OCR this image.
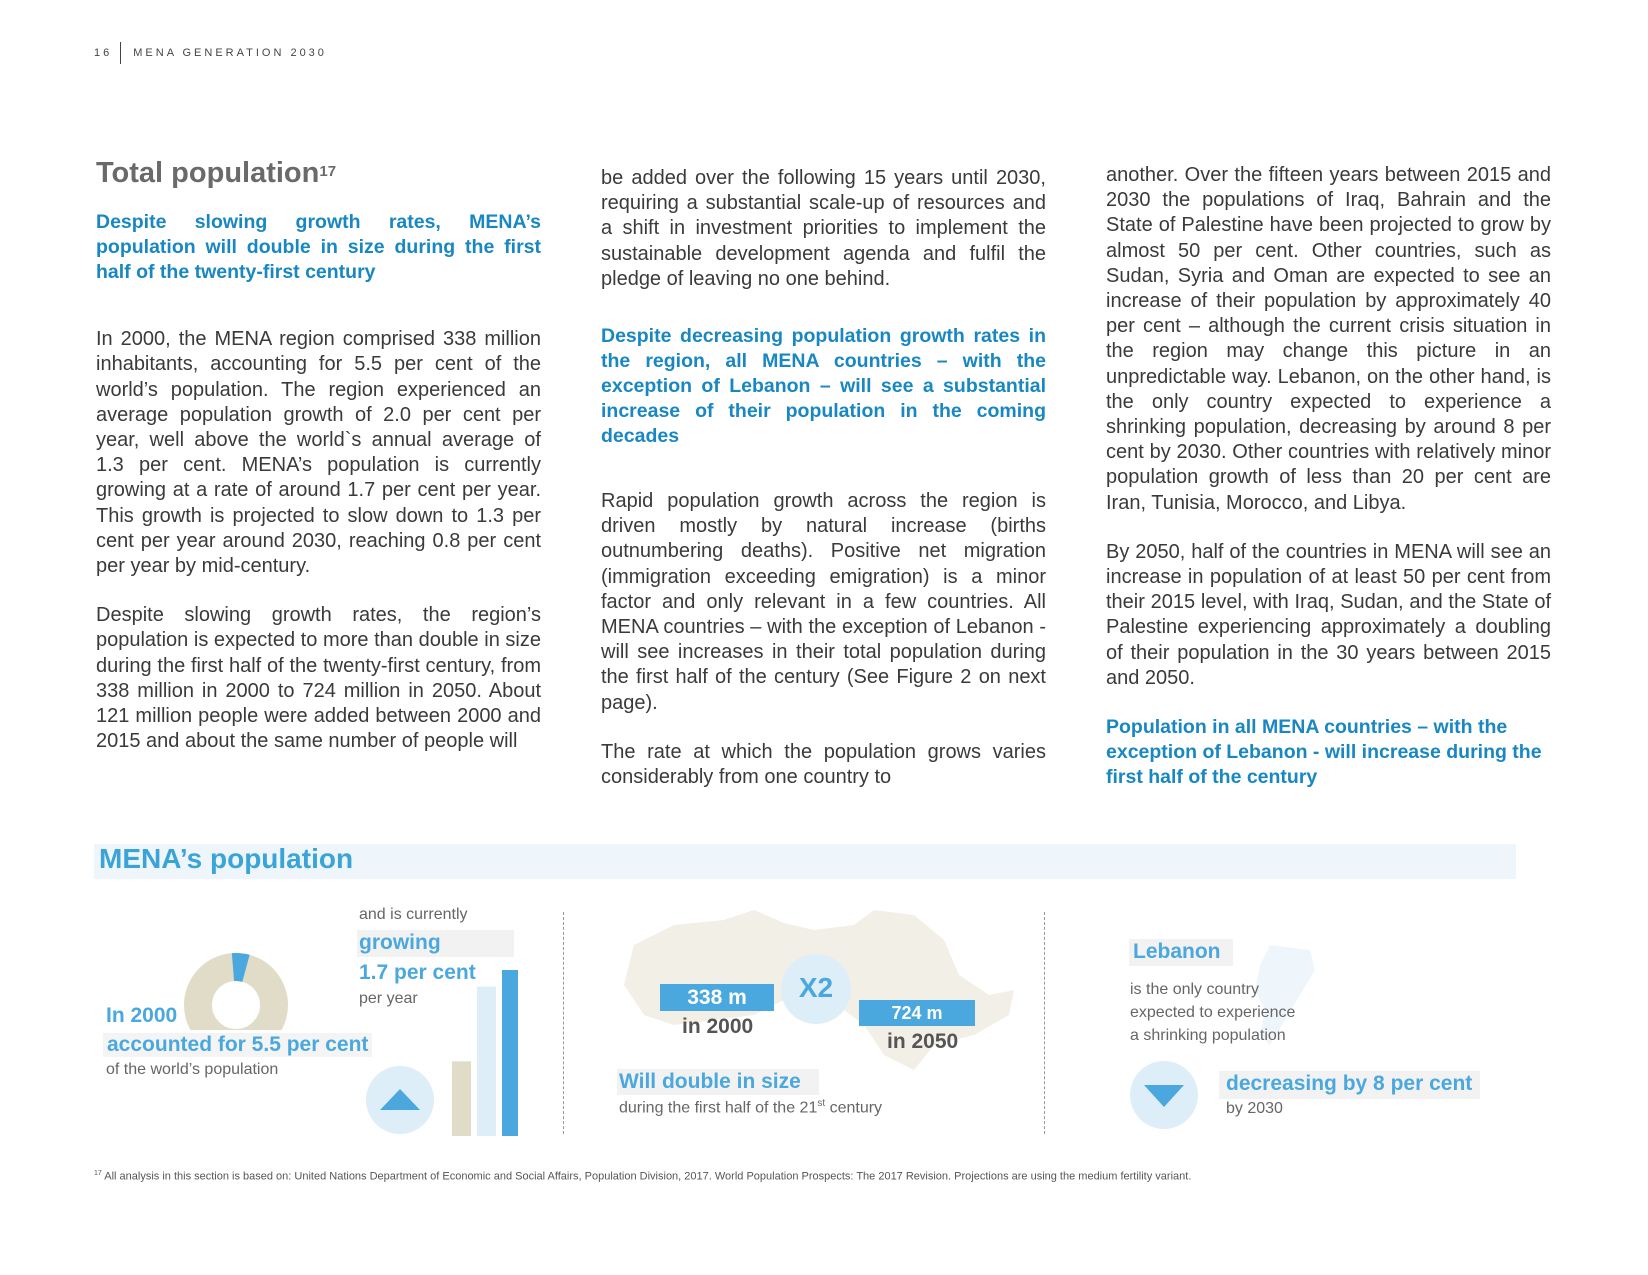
16 MENA GENERATION 2030
Total population$^{17}$

Despite slowing growth rates, MENA’s population will double in size during the first half of the twenty-first century

In 2000, the MENA region comprised 338 million inhabitants, accounting for 5.5 per cent of the world’s population. The region experienced an average population growth of 2.0 per cent per year, well above the world`s annual average of 1.3 per cent. MENA’s population is currently growing at a rate of around 1.7 per cent per year. This growth is projected to slow down to 1.3 per cent per year around 2030, reaching 0.8 per cent per year by mid-century.

Despite slowing growth rates, the region’s population is expected to more than double in size during the first half of the twenty-first century, from 338 million in 2000 to 724 million in 2050. About 121 million people were added between 2000 and 2015 and about the same number of people will

be added over the following 15 years until 2030, requiring a substantial scale-up of resources and a shift in investment priorities to implement the sustainable development agenda and fulfil the pledge of leaving no one behind.

Despite decreasing population growth rates in the region, all MENA countries – with the exception of Lebanon – will see a substantial increase of their population in the coming decades

Rapid population growth across the region is driven mostly by natural increase (births outnumbering deaths). Positive net migration (immigration exceeding emigration) is a minor factor and only relevant in a few countries. All MENA countries – with the exception of Lebanon - will see increases in their total population during the first half of the century (See Figure 2 on next page).

The rate at which the population grows varies considerably from one country to

another. Over the fifteen years between 2015 and 2030 the populations of Iraq, Bahrain and the State of Palestine have been projected to grow by almost 50 per cent. Other countries, such as Sudan, Syria and Oman are expected to see an increase of their population by approximately 40 per cent – although the current crisis situation in the region may change this picture in an unpredictable way. Lebanon, on the other hand, is the only country expected to experience a shrinking population, decreasing by around 8 per cent by 2030. Other countries with relatively minor population growth of less than 20 per cent are Iran, Tunisia, Morocco, and Libya.

By 2050, half of the countries in MENA will see an increase in population of at least 50 per cent from their 2015 level, with Iraq, Sudan, and the State of Palestine experiencing approximately a doubling of their population in the 30 years between 2015 and 2050.

Population in all MENA countries – with the exception of Lebanon - will increase during the first half of the century

MENA’s population
In 2000
accounted for 5.5 per cent
of the world’s population
and is currently
growing
1.7 per cent
per year	338 m
in 2000
X2
724 m
in 2050
Will double in size
during the first half of the 21st century
Lebanon
is the only country
expected to experience
a shrinking population
decreasing by 8 per cent
by 2030
$^{17}$ All analysis in this section is based on: United Nations Department of Economic and Social Affairs, Population Division, 2017. World Population Prospects: The 2017 Revision. Projections are using the medium fertility variant.
